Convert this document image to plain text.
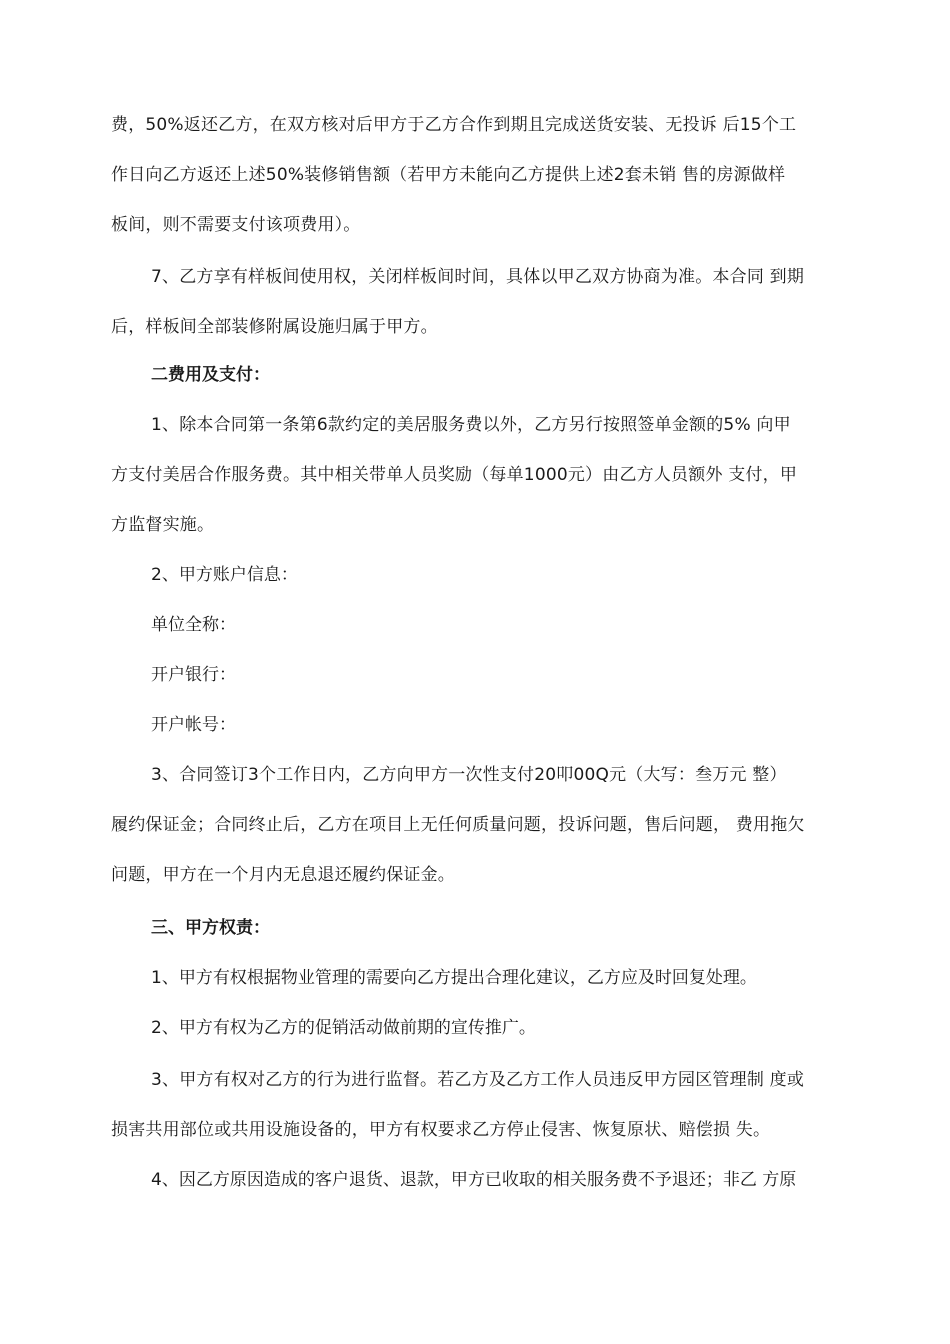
费，50%返还乙方，在双方核对后甲方于乙方合作到期且完成送货安装、无投诉 后15个工
作日向乙方返还上述50%装修销售额（若甲方未能向乙方提供上述2套未销 售的房源做样
板间，则不需要支付该项费用）。

7、乙方享有样板间使用权，关闭样板间时间，具体以甲乙双方协商为准。本合同 到期
后，样板间全部装修附属设施归属于甲方。

二费用及支付：

1、除本合同第一条第6款约定的美居服务费以外，乙方另行按照签单金额的5% 向甲
方支付美居合作服务费。其中相关带单人员奖励（每单1000元）由乙方人员额外 支付，甲
方监督实施。

2、甲方账户信息：

单位全称：

开户银行：

开户帐号：

3、合同签订3个工作日内，乙方向甲方一次性支付20叩00Q元（大写：叁万元 整）
履约保证金；合同终止后，乙方在项目上无任何质量问题，投诉问题，售后问题， 费用拖欠
问题，甲方在一个月内无息退还履约保证金。

三、甲方权责：

1、甲方有权根据物业管理的需要向乙方提出合理化建议，乙方应及时回复处理。

2、甲方有权为乙方的促销活动做前期的宣传推广。

3、甲方有权对乙方的行为进行监督。若乙方及乙方工作人员违反甲方园区管理制 度或
损害共用部位或共用设施设备的，甲方有权要求乙方停止侵害、恢复原状、赔偿损 失。

4、因乙方原因造成的客户退货、退款，甲方已收取的相关服务费不予退还；非乙 方原
